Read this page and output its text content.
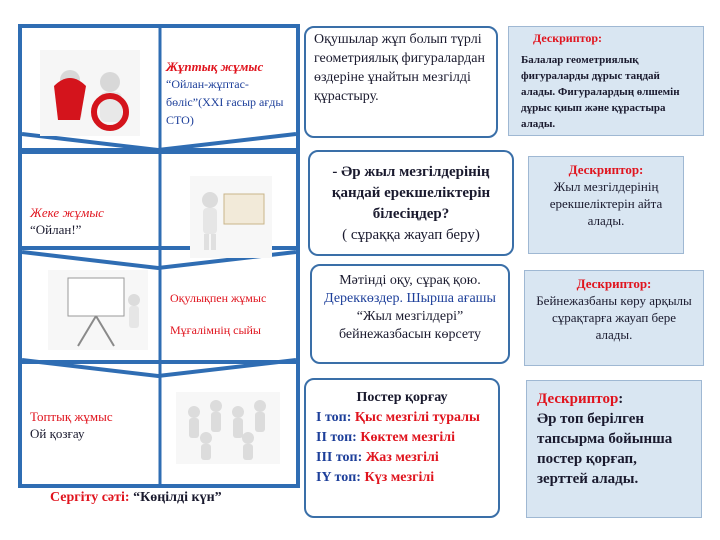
Жұптық жұмыс
“Ойлан-жұптас-бөліс”(XXI ғасыр ағды СТО)
Жеке жұмыс
“Ойлан!”
Оқулықпен жұмыс

Мұғалімнің сыйы
Топтық жұмыс
Ой қозғау
Сергіту сәті: “Көңілді күн”
Оқушылар жұп болып түрлі геометриялық фигуралардан өздеріне ұнайтын мезгілді құрастыру.
- Әр жыл мезгілдерінің қандай ерекшеліктерін білесіңдер?
( сұраққа жауап беру)
Мәтінді оқу, сұрақ қою.
Дереккөздер. Шырша ағашы
“Жыл мезгілдері” бейнежазбасын көрсету
Постер қорғау
I топ: Қыс мезгілі туралы
II топ: Көктем мезгілі
III топ: Жаз мезгілі
IY топ: Күз мезгілі
Дескриптор:
Балалар геометриялық фигураларды дұрыс таңдай алады. Фигуралардың өлшемін дұрыс қиып және құрастыра алады.
Дескриптор:
Жыл мезгілдерінің ерекшеліктерін айта алады.
Дескриптор:
Бейнежазбаны көру арқылы сұрақтарға жауап бере алады.
Дескриптор:
Әр топ берілген тапсырма бойынша постер қорғап, зерттей алады.
